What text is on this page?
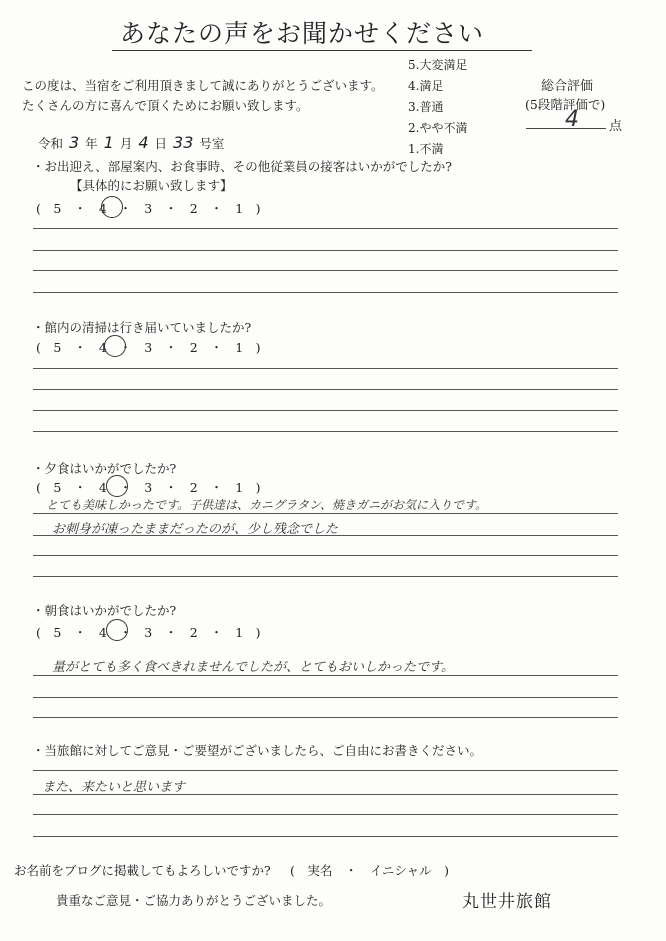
あなたの声をお聞かせください
この度は、当宿をご利用頂きまして誠にありがとうございます。
たくさんの方に喜んで頂くためにお願い致します。
5.大変満足
4.満足
3.普通
2.やや不満
1.不満
総合評価
(5段階評価で)
4 点
令和 3 年 1 月 4 日 33 号室
・お出迎え、部屋案内、お食事時、その他従業員の接客はいかがでしたか?
【具体的にお願い致します】
(　5　・　4　・　3　・　2　・　1　)
・館内の清掃は行き届いていましたか?
(　5　・　4　・　3　・　2　・　1　)
・夕食はいかがでしたか?
(　5　・　4　・　3　・　2　・　1　)
とても美味しかったです。子供達は、カニグラタン、焼きガニがお気に入りです。
お刺身が凍ったままだったのが、少し残念でした
・朝食はいかがでしたか?
(　5　・　4　・　3　・　2　・　1　)
量がとても多く食べきれませんでしたが、とてもおいしかったです。
・当旅館に対してご意見・ご要望がございましたら、ご自由にお書きください。
また、来たいと思います
お名前をブログに掲載してもよろしいですか? (　実名　・　イニシャル　)
貴重なご意見・ご協力ありがとうございました。	丸世井旅館
